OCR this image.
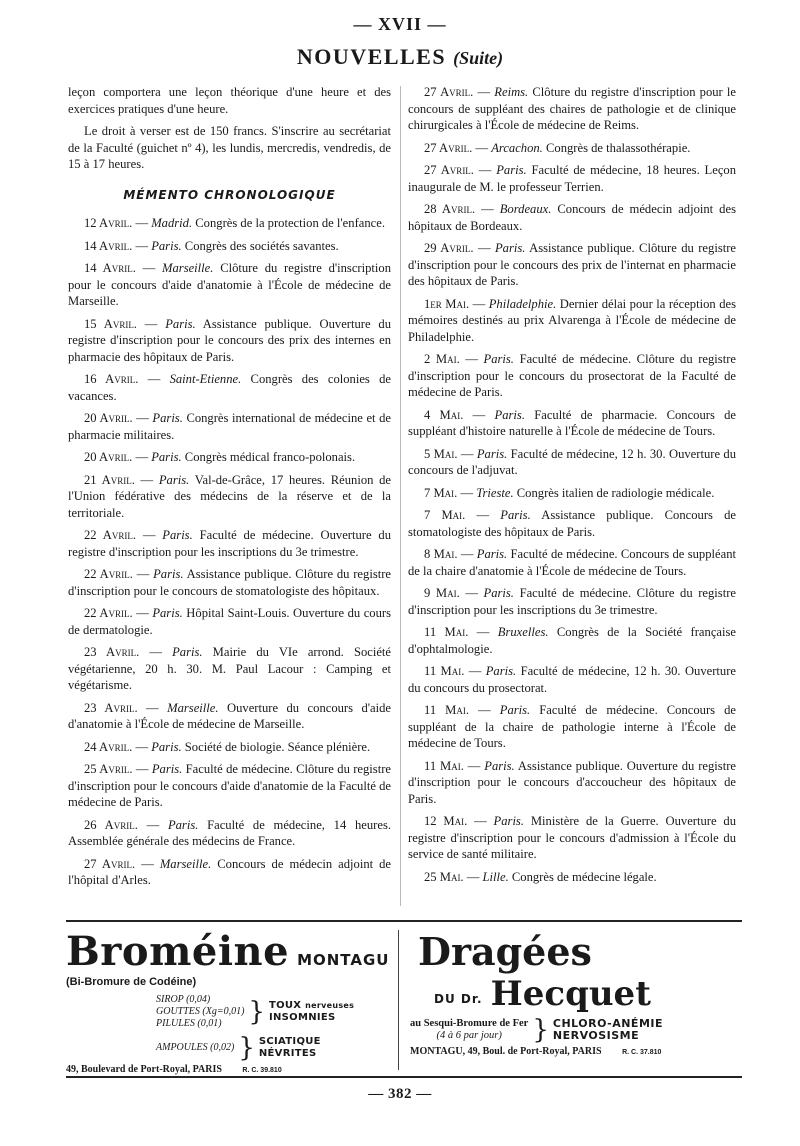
— XVII —
NOUVELLES (Suite)

leçon comportera une leçon théorique d'une heure et des exercices pratiques d'une heure.

Le droit à verser est de 150 francs. S'inscrire au secrétariat de la Faculté (guichet nº 4), les lundis, mercredis, vendredis, de 15 à 17 heures.

MÉMENTO CHRONOLOGIQUE

12 Avril. — Madrid. Congrès de la protection de l'enfance.

14 Avril. — Paris. Congrès des sociétés savantes.

14 Avril. — Marseille. Clôture du registre d'inscription pour le concours d'aide d'anatomie à l'École de médecine de Marseille.

15 Avril. — Paris. Assistance publique. Ouverture du registre d'inscription pour le concours des prix des internes en pharmacie des hôpitaux de Paris.

16 Avril. — Saint-Etienne. Congrès des colonies de vacances.

20 Avril. — Paris. Congrès international de médecine et de pharmacie militaires.

20 Avril. — Paris. Congrès médical franco-polonais.

21 Avril. — Paris. Val-de-Grâce, 17 heures. Réunion de l'Union fédérative des médecins de la réserve et de la territoriale.

22 Avril. — Paris. Faculté de médecine. Ouverture du registre d'inscription pour les inscriptions du 3e trimestre.

22 Avril. — Paris. Assistance publique. Clôture du registre d'inscription pour le concours de stomatologiste des hôpitaux.

22 Avril. — Paris. Hôpital Saint-Louis. Ouverture du cours de dermatologie.

23 Avril. — Paris. Mairie du VIe arrond. Société végétarienne, 20 h. 30. M. Paul Lacour : Camping et végétarisme.

23 Avril. — Marseille. Ouverture du concours d'aide d'anatomie à l'École de médecine de Marseille.

24 Avril. — Paris. Société de biologie. Séance plénière.

25 Avril. — Paris. Faculté de médecine. Clôture du registre d'inscription pour le concours d'aide d'anatomie de la Faculté de médecine de Paris.

26 Avril. — Paris. Faculté de médecine, 14 heures. Assemblée générale des médecins de France.

27 Avril. — Marseille. Concours de médecin adjoint de l'hôpital d'Arles.

27 Avril. — Reims. Clôture du registre d'inscription pour le concours de suppléant des chaires de pathologie et de clinique chirurgicales à l'École de médecine de Reims.

27 Avril. — Arcachon. Congrès de thalassothérapie.

27 Avril. — Paris. Faculté de médecine, 18 heures. Leçon inaugurale de M. le professeur Terrien.

28 Avril. — Bordeaux. Concours de médecin adjoint des hôpitaux de Bordeaux.

29 Avril. — Paris. Assistance publique. Clôture du registre d'inscription pour le concours des prix de l'internat en pharmacie des hôpitaux de Paris.

1er Mai. — Philadelphie. Dernier délai pour la réception des mémoires destinés au prix Alvarenga à l'École de médecine de Philadelphie.

2 Mai. — Paris. Faculté de médecine. Clôture du registre d'inscription pour le concours du prosectorat de la Faculté de médecine de Paris.

4 Mai. — Paris. Faculté de pharmacie. Concours de suppléant d'histoire naturelle à l'École de médecine de Tours.

5 Mai. — Paris. Faculté de médecine, 12 h. 30. Ouverture du concours de l'adjuvat.

7 Mai. — Trieste. Congrès italien de radiologie médicale.

7 Mai. — Paris. Assistance publique. Concours de stomatologiste des hôpitaux de Paris.

8 Mai. — Paris. Faculté de médecine. Concours de suppléant de la chaire d'anatomie à l'École de médecine de Tours.

9 Mai. — Paris. Faculté de médecine. Clôture du registre d'inscription pour les inscriptions du 3e trimestre.

11 Mai. — Bruxelles. Congrès de la Société française d'ophtalmologie.

11 Mai. — Paris. Faculté de médecine, 12 h. 30. Ouverture du concours du prosectorat.

11 Mai. — Paris. Faculté de médecine. Concours de suppléant de la chaire de pathologie interne à l'École de médecine de Tours.

11 Mai. — Paris. Assistance publique. Ouverture du registre d'inscription pour le concours d'accoucheur des hôpitaux de Paris.

12 Mai. — Paris. Ministère de la Guerre. Ouverture du registre d'inscription pour le concours d'admission à l'École du service de santé militaire.

25 Mai. — Lille. Congrès de médecine légale.

Broméine MONTAGU
(Bi-Bromure de Codéine)
SIROP (0,04)
GOUTTES (Xg=0,01)
PILULES (0,01)	} TOUX nerveuses
INSOMNIES
AMPOULES (0,02) } SCIATIQUE
NÉVRITES
49, Boulevard de Port-Royal, PARIS	R. C. 39.810
Dragées
DU Dr. Hecquet
au Sesqui-Bromure de Fer
(4 à 6 par jour)	} CHLORO-ANÉMIE
NERVOSISME
MONTAGU, 49, Boul. de Port-Royal, PARIS	R. C. 37.810
— 382 —
